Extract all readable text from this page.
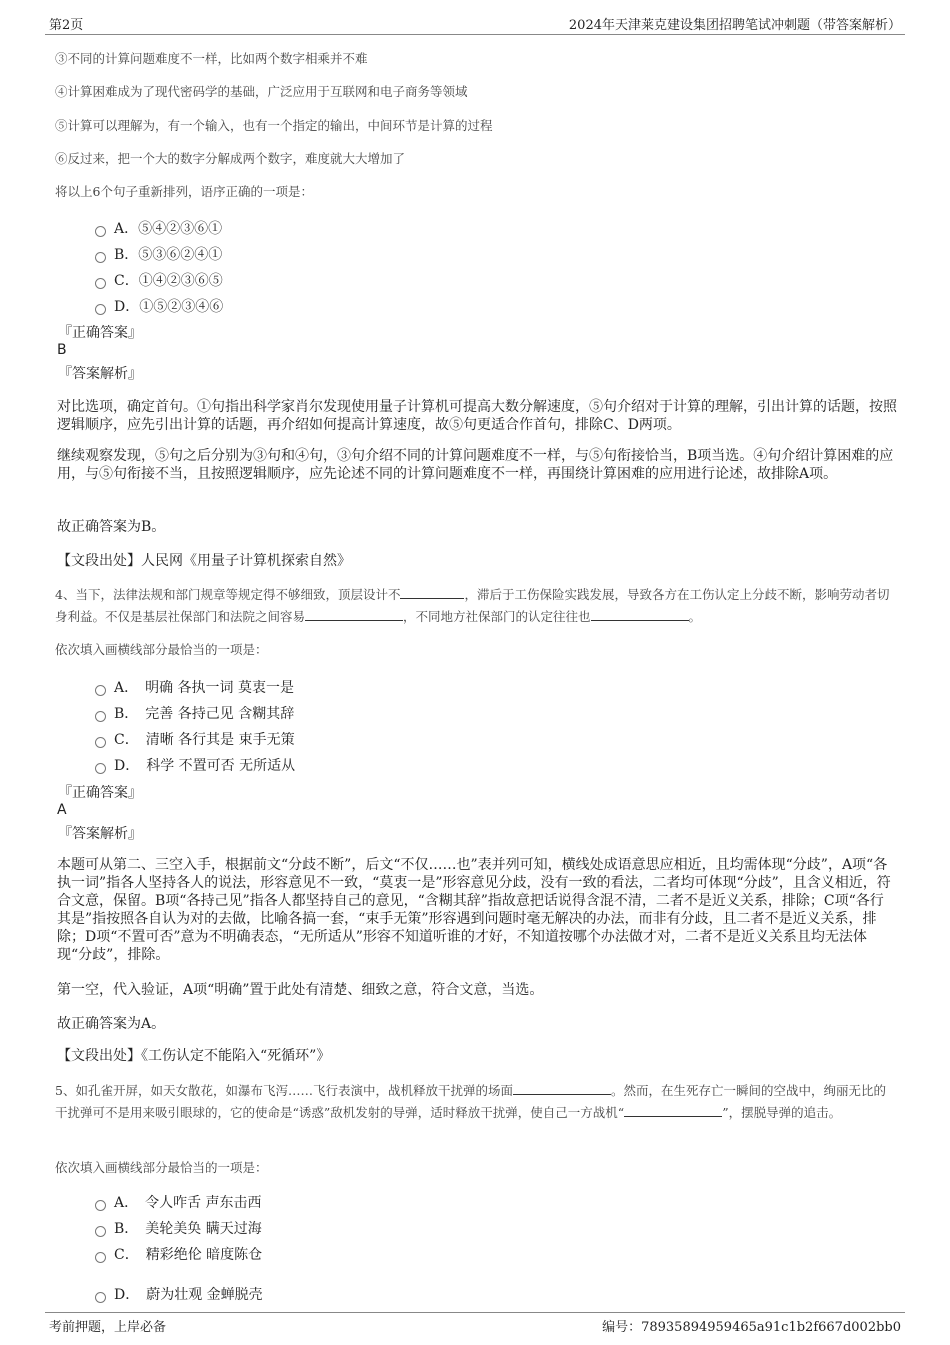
第2页	2024年天津莱克建设集团招聘笔试冲刺题（带答案解析）
③不同的计算问题难度不一样，比如两个数字相乘并不难
④计算困难成为了现代密码学的基础，广泛应用于互联网和电子商务等领域
⑤计算可以理解为，有一个输入，也有一个指定的输出，中间环节是计算的过程
⑥反过来，把一个大的数字分解成两个数字，难度就大大增加了
将以上6个句子重新排列，语序正确的一项是：
A．⑤④②③⑥①
B．⑤③⑥②④①
C．①④②③⑥⑤
D．①⑤②③④⑥
『正确答案』
B
『答案解析』
对比选项，确定首句。①句指出科学家肖尔发现使用量子计算机可提高大数分解速度，⑤句介绍对于计算的理解，引出计算的话题，按照逻辑顺序，应先引出计算的话题，再介绍如何提高计算速度，故⑤句更适合作首句，排除C、D两项。
继续观察发现，⑤句之后分别为③句和④句，③句介绍不同的计算问题难度不一样，与⑤句衔接恰当，B项当选。④句介绍计算困难的应用，与⑤句衔接不当，且按照逻辑顺序，应先论述不同的计算问题难度不一样，再围绕计算困难的应用进行论述，故排除A项。
故正确答案为B。
【文段出处】人民网《用量子计算机探索自然》
4、当下，法律法规和部门规章等规定得不够细致，顶层设计不	，滞后于工伤保险实践发展，导致各方在工伤认定上分歧不断，影响劳动者切身利益。不仅是基层社保部门和法院之间容易	，不同地方社保部门的认定往往也	。
依次填入画横线部分最恰当的一项是：
A．　明确 各执一词 莫衷一是
B．　完善 各持己见 含糊其辞
C．　清晰 各行其是 束手无策
D．　科学 不置可否 无所适从
『正确答案』
A
『答案解析』
本题可从第二、三空入手，根据前文“分歧不断”，后文“不仅……也”表并列可知，横线处成语意思应相近，且均需体现“分歧”，A项“各执一词”指各人坚持各人的说法，形容意见不一致，“莫衷一是”形容意见分歧，没有一致的看法，二者均可体现“分歧”，且含义相近，符合文意，保留。B项“各持己见”指各人都坚持自己的意见，“含糊其辞”指故意把话说得含混不清，二者不是近义关系，排除；C项“各行其是”指按照各自认为对的去做，比喻各搞一套，“束手无策”形容遇到问题时毫无解决的办法，而非有分歧，且二者不是近义关系，排除；D项“不置可否”意为不明确表态，“无所适从”形容不知道听谁的才好，不知道按哪个办法做才对，二者不是近义关系且均无法体现“分歧”，排除。
第一空，代入验证，A项“明确”置于此处有清楚、细致之意，符合文意，当选。
故正确答案为A。
【文段出处】《工伤认定不能陷入“死循环”》
5、如孔雀开屏，如天女散花，如瀑布飞泻……飞行表演中，战机释放干扰弹的场面	。然而，在生死存亡一瞬间的空战中，绚丽无比的干扰弹可不是用来吸引眼球的，它的使命是“诱惑”敌机发射的导弹，适时释放干扰弹，使自己一方战机“	”，摆脱导弹的追击。
依次填入画横线部分最恰当的一项是：
A．　令人咋舌 声东击西
B．　美轮美奂 瞒天过海
C．　精彩绝伦 暗度陈仓
D．　蔚为壮观 金蝉脱壳
考前押题，上岸必备	编号：78935894959465a91c1b2f667d002bb0
